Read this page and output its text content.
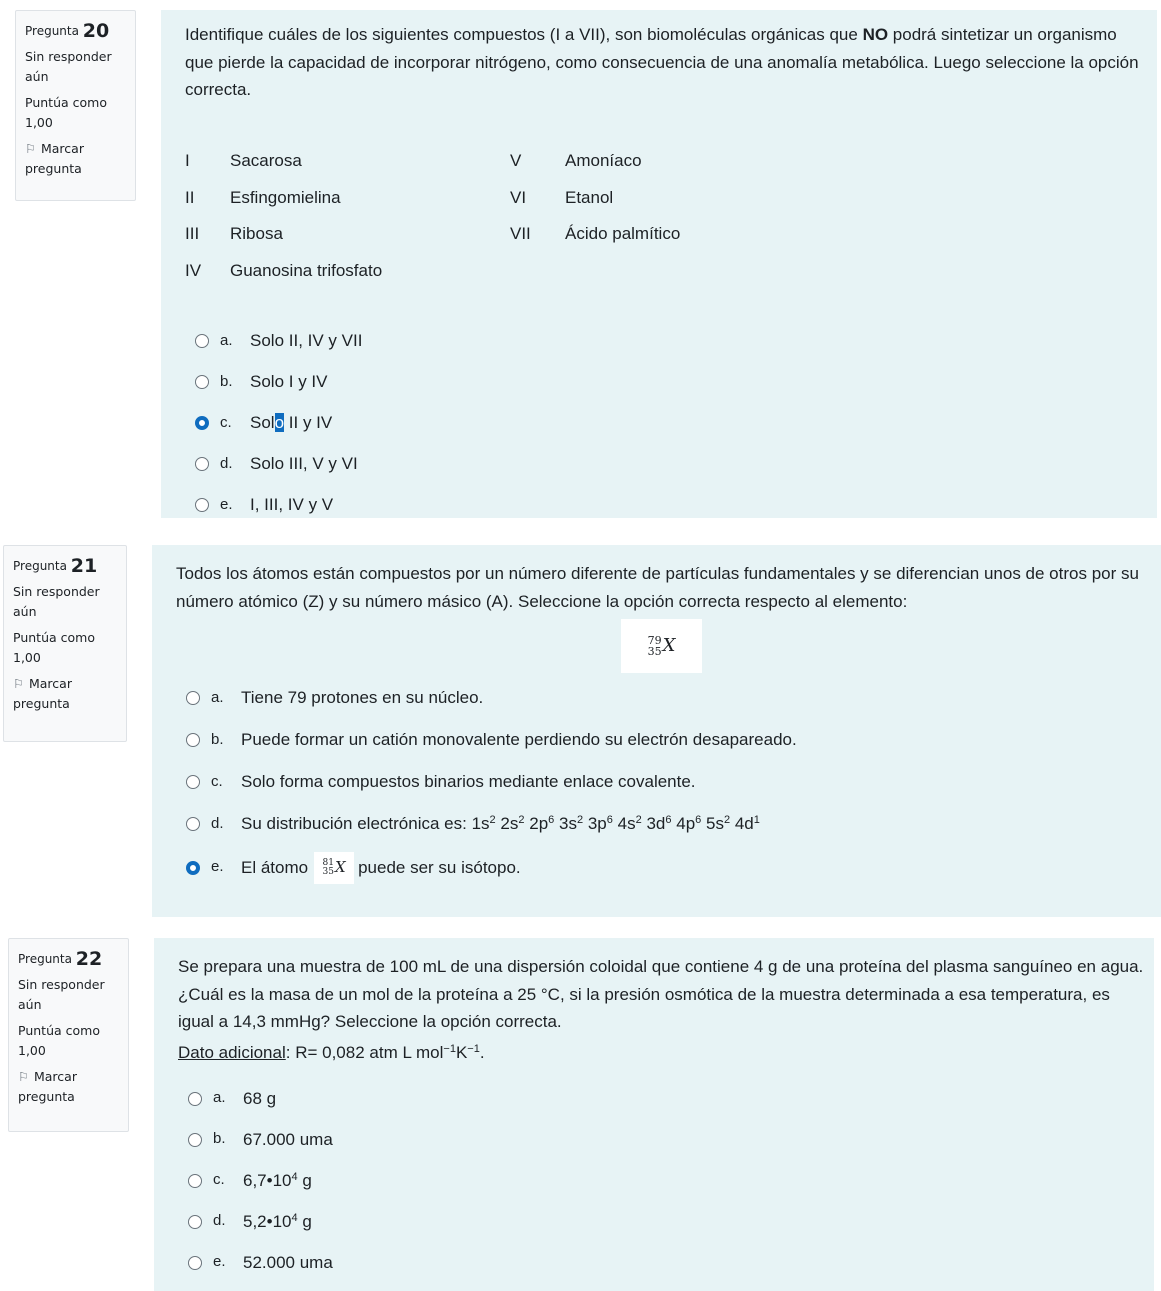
Pregunta 20
Sin responder aún
Puntúa como 1,00
⚐ Marcar pregunta
Identifique cuáles de los siguientes compuestos (I a VII), son biomoléculas orgánicas que NO podrá sintetizar un organismo que pierde la capacidad de incorporar nitrógeno, como consecuencia de una anomalía metabólica. Luego seleccione la opción correcta.
I	Sacarosa	V	Amoníaco
II	Esfingomielina	VI	Etanol
III	Ribosa	VII	Ácido palmítico
IV	Guanosina trifosfato		
a.	Solo II, IV y VII
b.	Solo I y IV
c.	Solo II y IV
d.	Solo III, V y VI
e.	I, III, IV y V
Pregunta 21
Sin responder aún
Puntúa como 1,00
⚐ Marcar pregunta
Todos los átomos están compuestos por un número diferente de partículas fundamentales y se diferencian unos de otros por su número atómico (Z) y su número másico (A). Seleccione la opción correcta respecto al elemento:
79
35 X
a.	Tiene 79 protones en su núcleo.
b.	Puede formar un catión monovalente perdiendo su electrón desapareado.
c.	Solo forma compuestos binarios mediante enlace covalente.
d.	Su distribución electrónica es: $1s^2$ $2s^2$ $2p^6$ $3s^2$ $3p^6$ $4s^2$ $3d^6$ $4p^6$ $5s^2$ $4d^1$
e.	El átomo 81
35 X puede ser su isótopo.
Pregunta 22
Sin responder aún
Puntúa como 1,00
⚐ Marcar pregunta
Se prepara una muestra de 100 mL de una dispersión coloidal que contiene 4 g de una proteína del plasma sanguíneo en agua. ¿Cuál es la masa de un mol de la proteína a 25 °C, si la presión osmótica de la muestra determinada a esa temperatura, es igual a 14,3 mmHg? Seleccione la opción correcta.
Dato adicional: R= 0,082 atm L $mol^{-1}K^{-1}$.
a.	68 g
b.	67.000 uma
c.	$6,7•10^4$ g
d.	$5,2•10^4$ g
e.	52.000 uma
